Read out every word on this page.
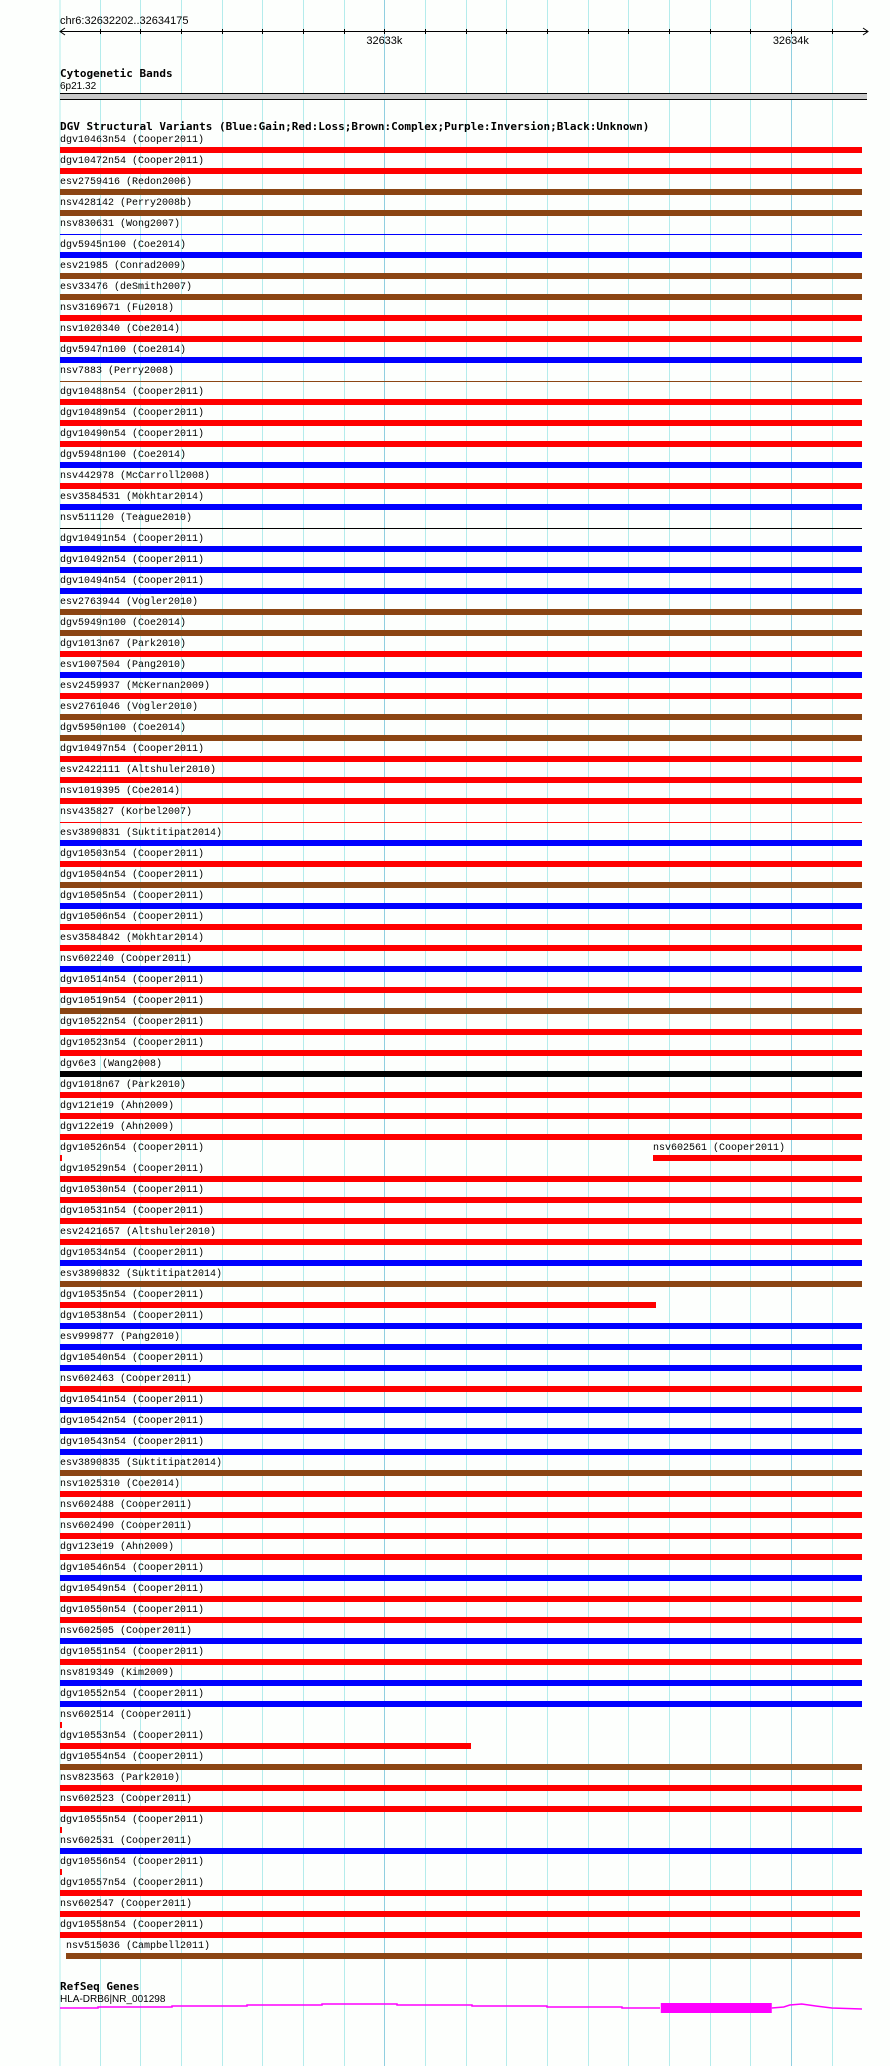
chr6:32632202..32634175
32633k	32634k
Cytogenetic Bands
6p21.32
DGV Structural Variants (Blue:Gain;Red:Loss;Brown:Complex;Purple:Inversion;Black:Unknown)
dgv10463n54 (Cooper2011)
dgv10472n54 (Cooper2011)
esv2759416 (Redon2006)
nsv428142 (Perry2008b)
nsv830631 (Wong2007)
dgv5945n100 (Coe2014)
esv21985 (Conrad2009)
esv33476 (deSmith2007)
nsv3169671 (Fu2018)
nsv1020340 (Coe2014)
dgv5947n100 (Coe2014)
nsv7883 (Perry2008)
dgv10488n54 (Cooper2011)
dgv10489n54 (Cooper2011)
dgv10490n54 (Cooper2011)
dgv5948n100 (Coe2014)
nsv442978 (McCarroll2008)
esv3584531 (Mokhtar2014)
nsv511120 (Teague2010)
dgv10491n54 (Cooper2011)
dgv10492n54 (Cooper2011)
dgv10494n54 (Cooper2011)
esv2763944 (Vogler2010)
dgv5949n100 (Coe2014)
dgv1013n67 (Park2010)
esv1007504 (Pang2010)
esv2459937 (McKernan2009)
esv2761046 (Vogler2010)
dgv5950n100 (Coe2014)
dgv10497n54 (Cooper2011)
esv2422111 (Altshuler2010)
nsv1019395 (Coe2014)
nsv435827 (Korbel2007)
esv3890831 (Suktitipat2014)
dgv10503n54 (Cooper2011)
dgv10504n54 (Cooper2011)
dgv10505n54 (Cooper2011)
dgv10506n54 (Cooper2011)
esv3584842 (Mokhtar2014)
nsv602240 (Cooper2011)
dgv10514n54 (Cooper2011)
dgv10519n54 (Cooper2011)
dgv10522n54 (Cooper2011)
dgv10523n54 (Cooper2011)
dgv6e3 (Wang2008)
dgv1018n67 (Park2010)
dgv121e19 (Ahn2009)
dgv122e19 (Ahn2009)
dgv10526n54 (Cooper2011)	nsv602561 (Cooper2011)
dgv10529n54 (Cooper2011)
dgv10530n54 (Cooper2011)
dgv10531n54 (Cooper2011)
esv2421657 (Altshuler2010)
dgv10534n54 (Cooper2011)
esv3890832 (Suktitipat2014)
dgv10535n54 (Cooper2011)
dgv10538n54 (Cooper2011)
esv999877 (Pang2010)
dgv10540n54 (Cooper2011)
nsv602463 (Cooper2011)
dgv10541n54 (Cooper2011)
dgv10542n54 (Cooper2011)
dgv10543n54 (Cooper2011)
esv3890835 (Suktitipat2014)
nsv1025310 (Coe2014)
nsv602488 (Cooper2011)
nsv602490 (Cooper2011)
dgv123e19 (Ahn2009)
dgv10546n54 (Cooper2011)
dgv10549n54 (Cooper2011)
dgv10550n54 (Cooper2011)
nsv602505 (Cooper2011)
dgv10551n54 (Cooper2011)
nsv819349 (Kim2009)
dgv10552n54 (Cooper2011)
nsv602514 (Cooper2011)
dgv10553n54 (Cooper2011)
dgv10554n54 (Cooper2011)
nsv823563 (Park2010)
nsv602523 (Cooper2011)
dgv10555n54 (Cooper2011)
nsv602531 (Cooper2011)
dgv10556n54 (Cooper2011)
dgv10557n54 (Cooper2011)
nsv602547 (Cooper2011)
dgv10558n54 (Cooper2011)
nsv515036 (Campbell2011)
RefSeq Genes
HLA-DRB6|NR_001298
